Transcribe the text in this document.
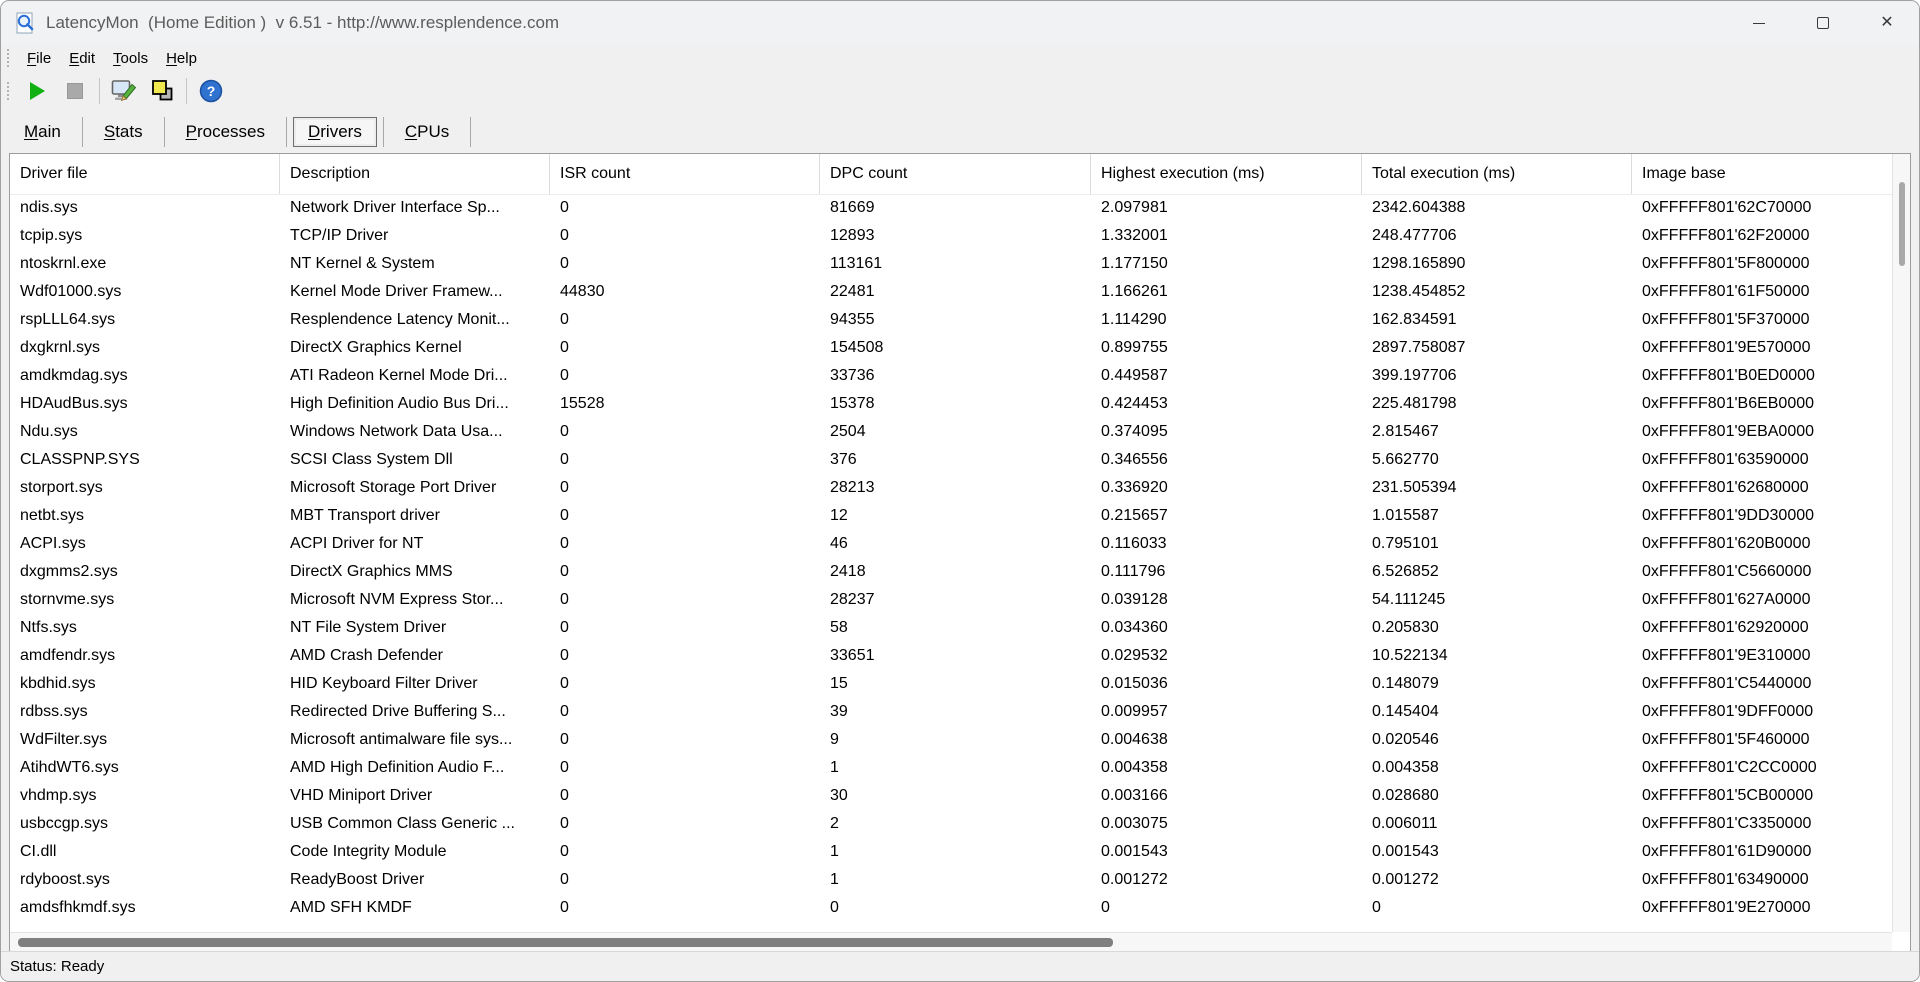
LatencyMon  (Home Edition )  v 6.51 - http://www.resplendence.com	✕
File	Edit	Tools	Help
?
Main	Stats	Processes	Drivers	CPUs
Driver file	Description	ISR count	DPC count	Highest execution (ms)	Total execution (ms)	Image base
ndis.sys	Network Driver Interface Sp...	0	81669	2.097981	2342.604388	0xFFFFF801'62C70000
tcpip.sys	TCP/IP Driver	0	12893	1.332001	248.477706	0xFFFFF801'62F20000
ntoskrnl.exe	NT Kernel & System	0	113161	1.177150	1298.165890	0xFFFFF801'5F800000
Wdf01000.sys	Kernel Mode Driver Framew...	44830	22481	1.166261	1238.454852	0xFFFFF801'61F50000
rspLLL64.sys	Resplendence Latency Monit...	0	94355	1.114290	162.834591	0xFFFFF801'5F370000
dxgkrnl.sys	DirectX Graphics Kernel	0	154508	0.899755	2897.758087	0xFFFFF801'9E570000
amdkmdag.sys	ATI Radeon Kernel Mode Dri...	0	33736	0.449587	399.197706	0xFFFFF801'B0ED0000
HDAudBus.sys	High Definition Audio Bus Dri...	15528	15378	0.424453	225.481798	0xFFFFF801'B6EB0000
Ndu.sys	Windows Network Data Usa...	0	2504	0.374095	2.815467	0xFFFFF801'9EBA0000
CLASSPNP.SYS	SCSI Class System Dll	0	376	0.346556	5.662770	0xFFFFF801'63590000
storport.sys	Microsoft Storage Port Driver	0	28213	0.336920	231.505394	0xFFFFF801'62680000
netbt.sys	MBT Transport driver	0	12	0.215657	1.015587	0xFFFFF801'9DD30000
ACPI.sys	ACPI Driver for NT	0	46	0.116033	0.795101	0xFFFFF801'620B0000
dxgmms2.sys	DirectX Graphics MMS	0	2418	0.111796	6.526852	0xFFFFF801'C5660000
stornvme.sys	Microsoft NVM Express Stor...	0	28237	0.039128	54.111245	0xFFFFF801'627A0000
Ntfs.sys	NT File System Driver	0	58	0.034360	0.205830	0xFFFFF801'62920000
amdfendr.sys	AMD Crash Defender	0	33651	0.029532	10.522134	0xFFFFF801'9E310000
kbdhid.sys	HID Keyboard Filter Driver	0	15	0.015036	0.148079	0xFFFFF801'C5440000
rdbss.sys	Redirected Drive Buffering S...	0	39	0.009957	0.145404	0xFFFFF801'9DFF0000
WdFilter.sys	Microsoft antimalware file sys...	0	9	0.004638	0.020546	0xFFFFF801'5F460000
AtihdWT6.sys	AMD High Definition Audio F...	0	1	0.004358	0.004358	0xFFFFF801'C2CC0000
vhdmp.sys	VHD Miniport Driver	0	30	0.003166	0.028680	0xFFFFF801'5CB00000
usbccgp.sys	USB Common Class Generic ...	0	2	0.003075	0.006011	0xFFFFF801'C3350000
CI.dll	Code Integrity Module	0	1	0.001543	0.001543	0xFFFFF801'61D90000
rdyboost.sys	ReadyBoost Driver	0	1	0.001272	0.001272	0xFFFFF801'63490000
amdsfhkmdf.sys	AMD SFH KMDF	0	0	0	0	0xFFFFF801'9E270000
Status: Ready
